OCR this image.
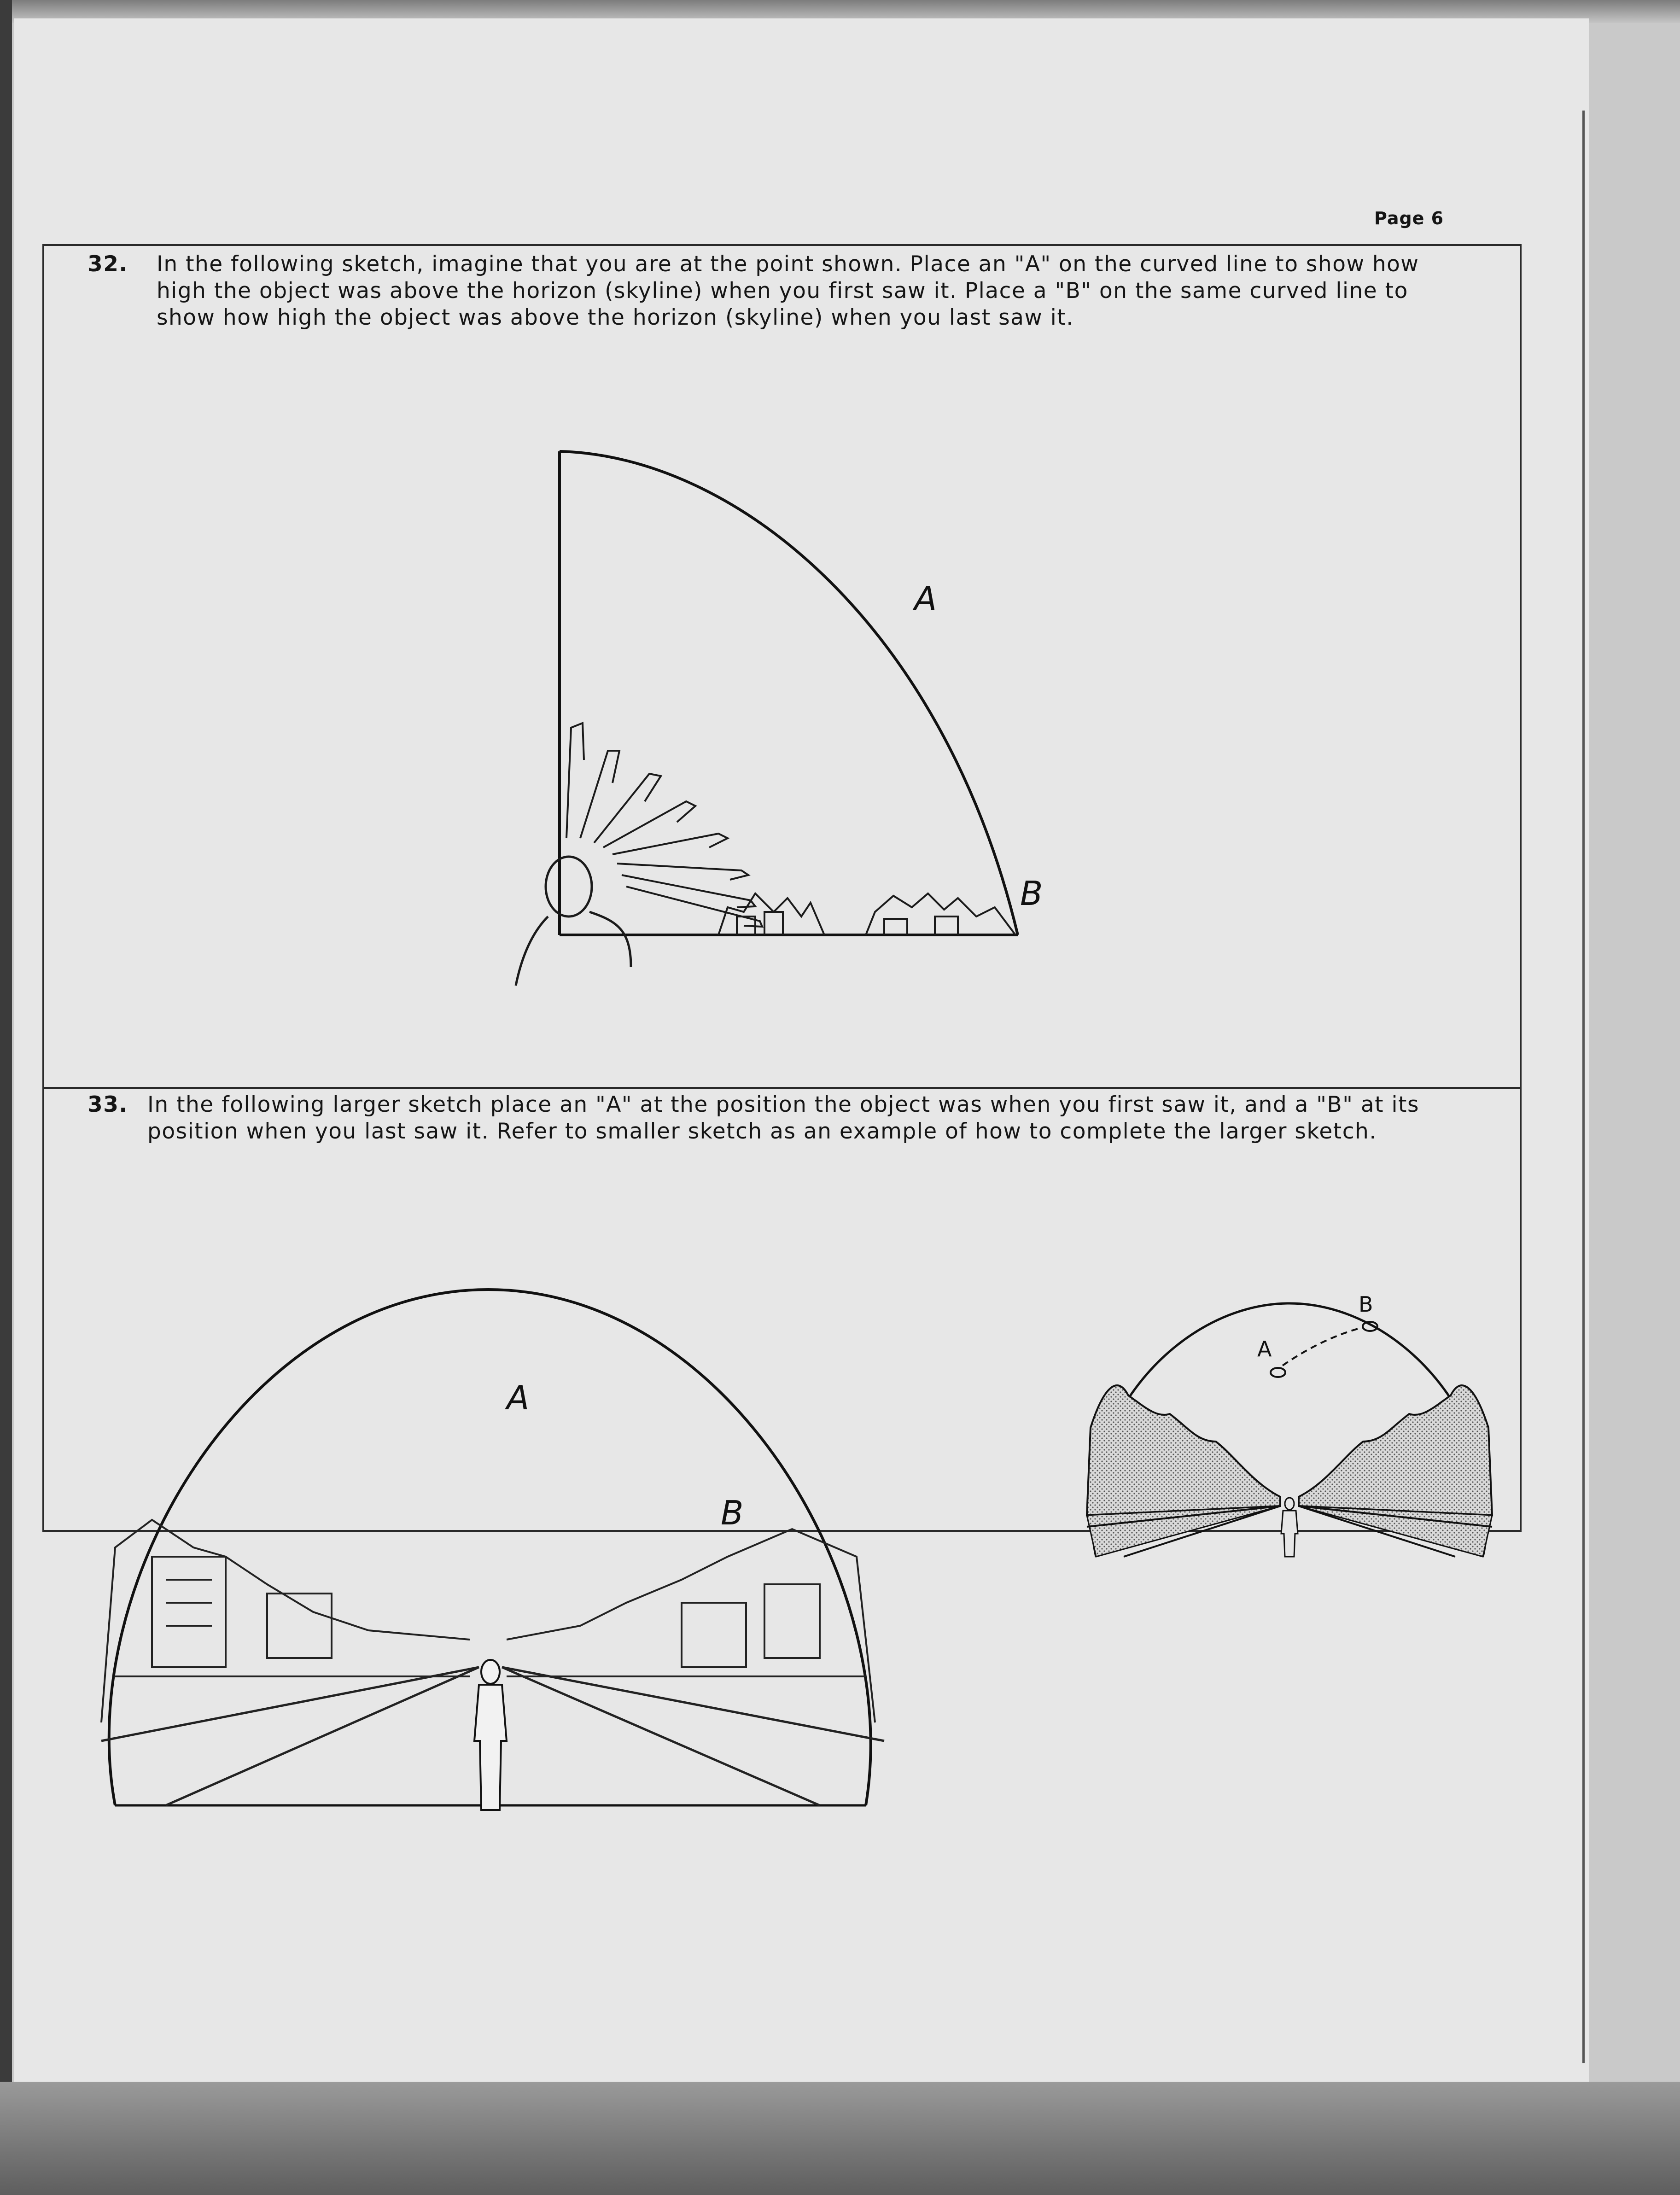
Page 6
32. In the following sketch, imagine that you are at the point shown. Place an "A" on the curved line to show how
high the object was above the horizon (skyline) when you first saw it. Place a "B" on the same curved line to
show how high the object was above the horizon (skyline) when you last saw it.
A
B
33. In the following larger sketch place an "A" at the position the object was when you first saw it, and a "B" at its
position when you last saw it. Refer to smaller sketch as an example of how to complete the larger sketch.
A
B
A
B
